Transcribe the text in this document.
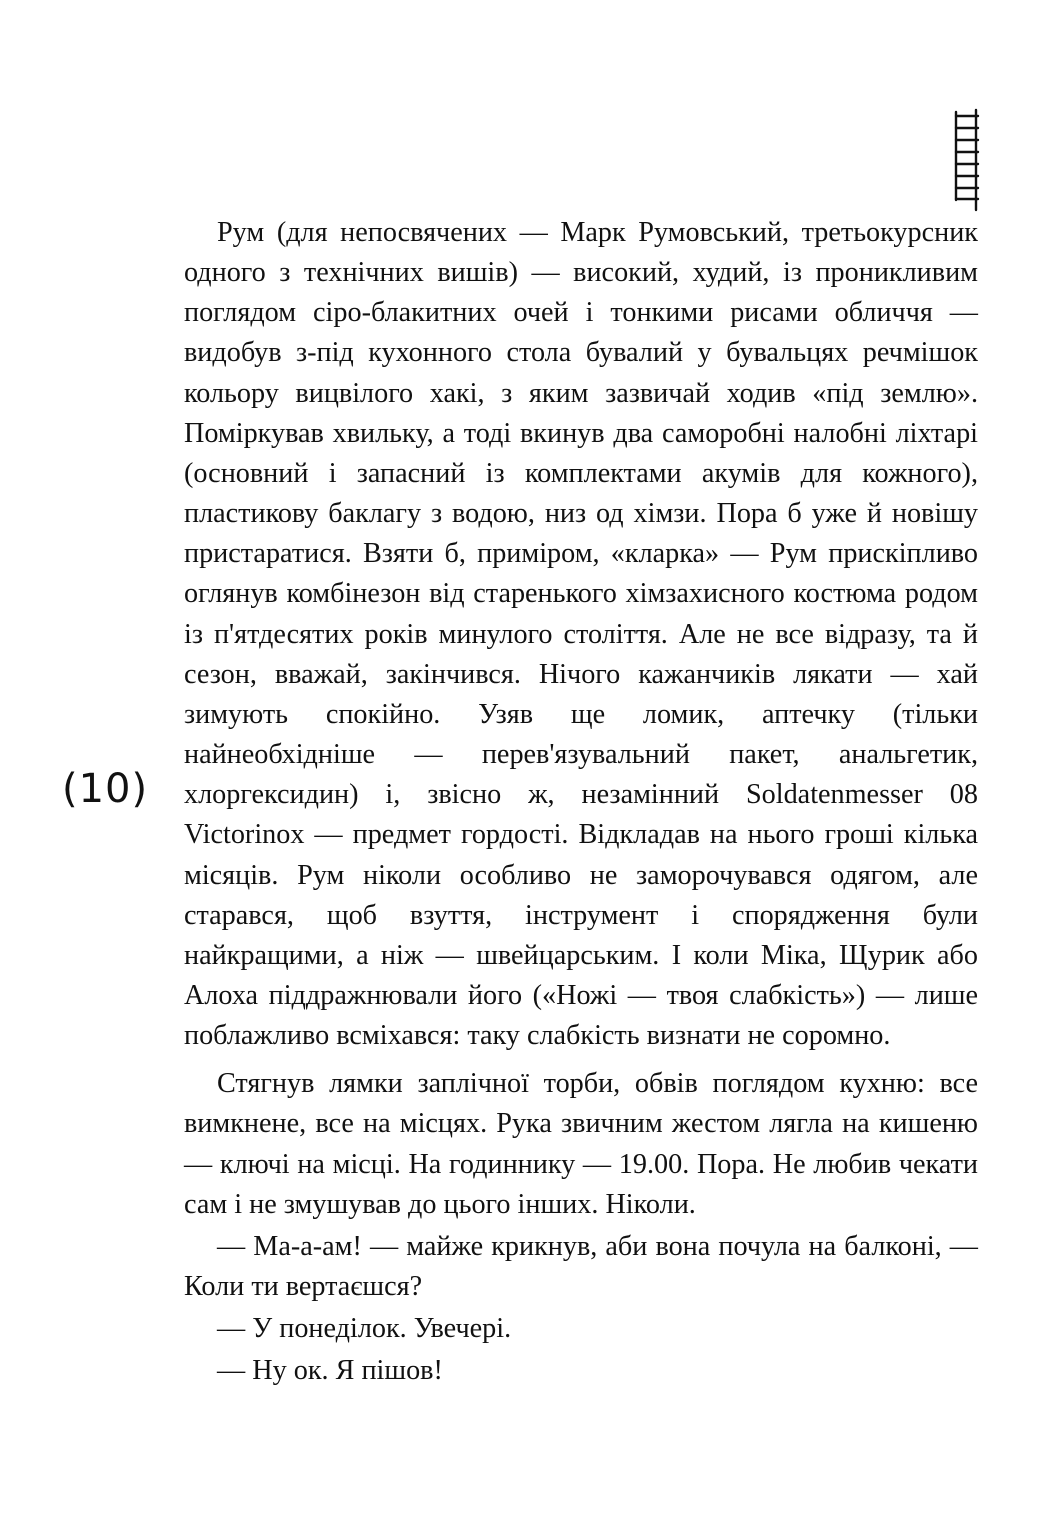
(10)

Рум (для непосвячених — Марк Румовський, третьокурсник одного з технічних вишів) — високий, худий, із проникливим поглядом сіро-блакитних очей і тонкими рисами обличчя — видобув з-під кухонного стола бувалий у бувальцях речмішок кольору вицвілого хакі, з яким зазвичай ходив «під землю». Поміркував хвильку, а тоді вкинув два саморобні налобні ліхтарі (основний і запасний із комплектами акумів для кожного), пластикову баклагу з водою, низ од хімзи. Пора б уже й новішу пристаратися. Взяти б, приміром, «кларка» — Рум прискіпливо оглянув комбінезон від старенького хімзахисного костюма родом із п'ятдесятих років минулого століття. Але не все відразу, та й сезон, вважай, закінчився. Нічого кажанчиків лякати — хай зимують спокійно. Узяв ще ломик, аптечку (тільки найнеобхідніше — перев'язувальний пакет, анальгетик, хлоргексидин) і, звісно ж, незамінний Soldatenmesser 08 Victorinox — предмет гордості. Відкладав на нього гроші кілька місяців. Рум ніколи особливо не заморочувався одягом, але старався, щоб взуття, інструмент і спорядження були найкращими, а ніж — швейцарським. І коли Міка, Щурик або Алоха піддражнювали його («Ножі — твоя слабкість») — лише поблажливо всміхався: таку слабкість визнати не соромно.

Стягнув лямки заплічної торби, обвів поглядом кухню: все вимкнене, все на місцях. Рука звичним жестом лягла на кишеню — ключі на місці. На годиннику — 19.00. Пора. Не любив чекати сам і не змушував до цього інших. Ніколи.

— Ма-а-ам! — майже крикнув, аби вона почула на балконі, — Коли ти вертаєшся?

— У понеділок. Увечері.

— Ну ок. Я пішов!
